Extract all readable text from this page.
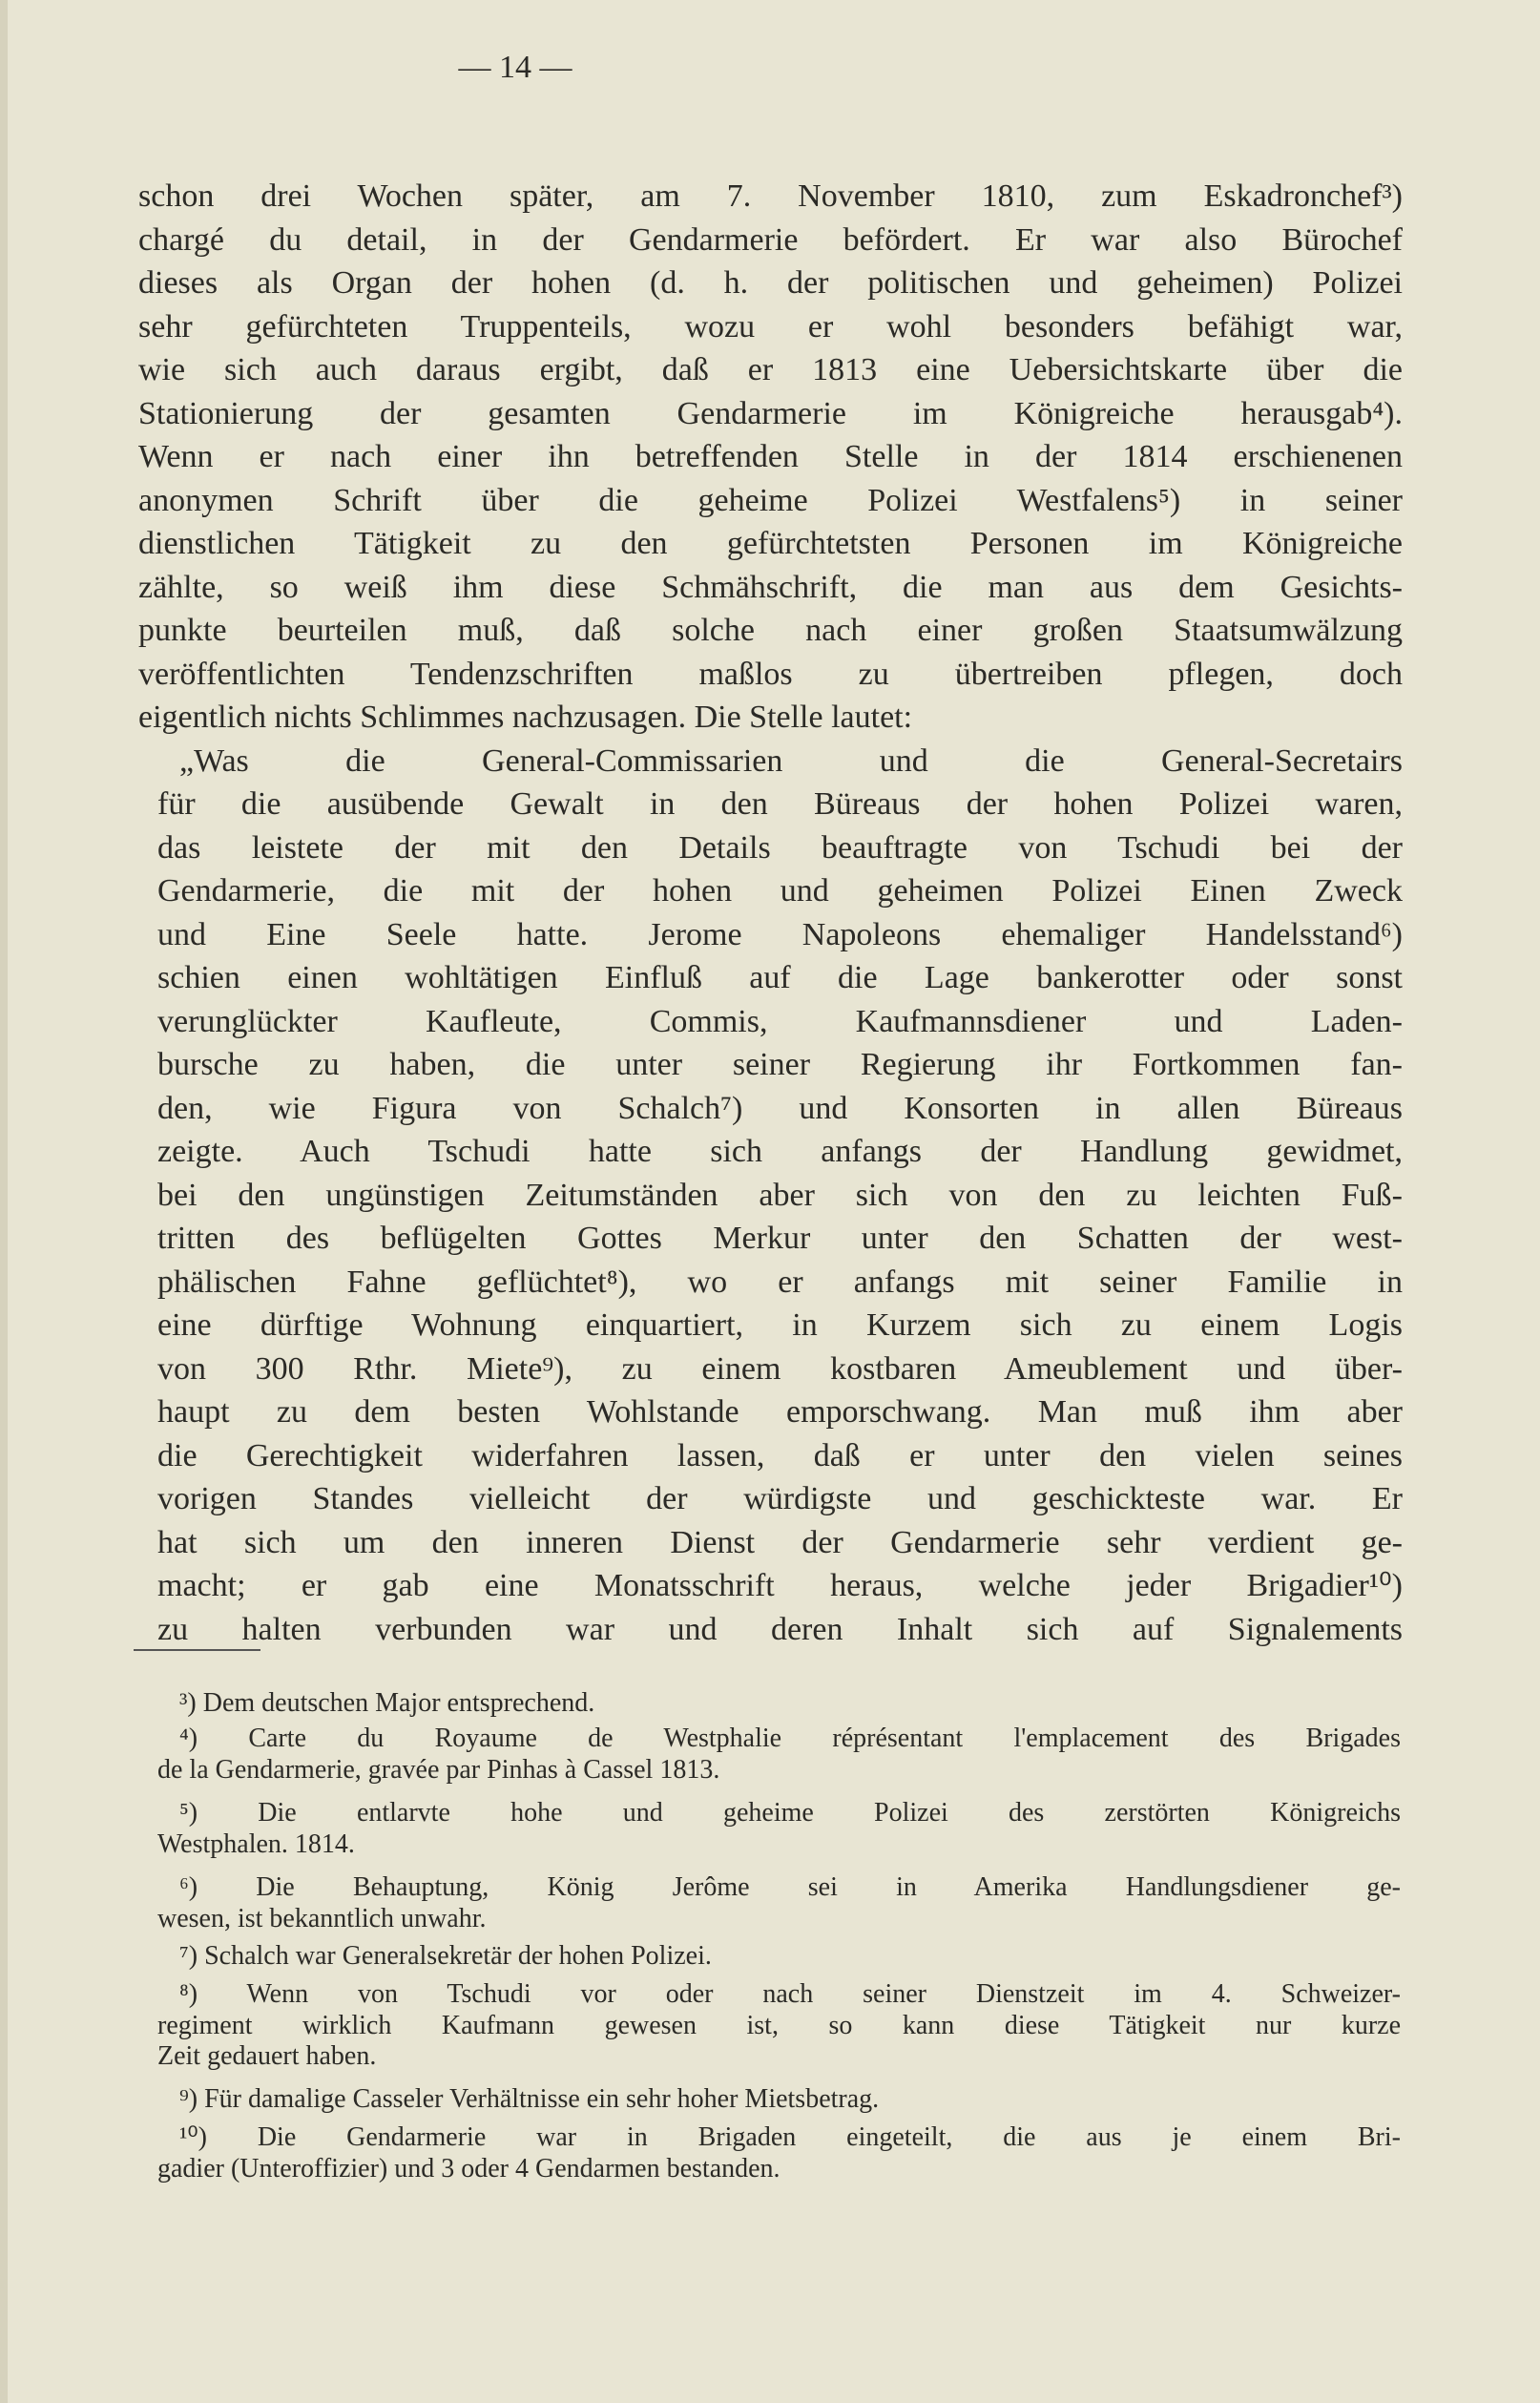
— 14 —
schon drei Wochen später, am 7. November 1810, zum Eskadronchef³)
chargé du detail, in der Gendarmerie befördert. Er war also Bürochef
dieses als Organ der hohen (d. h. der politischen und geheimen) Polizei
sehr gefürchteten Truppenteils, wozu er wohl besonders befähigt war,
wie sich auch daraus ergibt, daß er 1813 eine Uebersichtskarte über die
Stationierung der gesamten Gendarmerie im Königreiche herausgab⁴).
Wenn er nach einer ihn betreffenden Stelle in der 1814 erschienenen
anonymen Schrift über die geheime Polizei Westfalens⁵) in seiner
dienstlichen Tätigkeit zu den gefürchtetsten Personen im Königreiche
zählte, so weiß ihm diese Schmähschrift, die man aus dem Gesichts-
punkte beurteilen muß, daß solche nach einer großen Staatsumwälzung
veröffentlichten Tendenzschriften maßlos zu übertreiben pflegen, doch
eigentlich nichts Schlimmes nachzusagen. Die Stelle lautet:
„Was die General-Commissarien und die General-Secretairs
für die ausübende Gewalt in den Büreaus der hohen Polizei waren,
das leistete der mit den Details beauftragte von Tschudi bei der
Gendarmerie, die mit der hohen und geheimen Polizei Einen Zweck
und Eine Seele hatte. Jerome Napoleons ehemaliger Handelsstand⁶)
schien einen wohltätigen Einfluß auf die Lage bankerotter oder sonst
verunglückter Kaufleute, Commis, Kaufmannsdiener und Laden-
bursche zu haben, die unter seiner Regierung ihr Fortkommen fan-
den, wie Figura von Schalch⁷) und Konsorten in allen Büreaus
zeigte. Auch Tschudi hatte sich anfangs der Handlung gewidmet,
bei den ungünstigen Zeitumständen aber sich von den zu leichten Fuß-
tritten des beflügelten Gottes Merkur unter den Schatten der west-
phälischen Fahne geflüchtet⁸), wo er anfangs mit seiner Familie in
eine dürftige Wohnung einquartiert, in Kurzem sich zu einem Logis
von 300 Rthr. Miete⁹), zu einem kostbaren Ameublement und über-
haupt zu dem besten Wohlstande emporschwang. Man muß ihm aber
die Gerechtigkeit widerfahren lassen, daß er unter den vielen seines
vorigen Standes vielleicht der würdigste und geschickteste war. Er
hat sich um den inneren Dienst der Gendarmerie sehr verdient ge-
macht; er gab eine Monatsschrift heraus, welche jeder Brigadier¹⁰)
zu halten verbunden war und deren Inhalt sich auf Signalements
³) Dem deutschen Major entsprechend.
⁴) Carte du Royaume de Westphalie réprésentant l'emplacement des Brigades
de la Gendarmerie, gravée par Pinhas à Cassel 1813.
⁵) Die entlarvte hohe und geheime Polizei des zerstörten Königreichs
Westphalen. 1814.
⁶) Die Behauptung, König Jerôme sei in Amerika Handlungsdiener ge-
wesen, ist bekanntlich unwahr.
⁷) Schalch war Generalsekretär der hohen Polizei.
⁸) Wenn von Tschudi vor oder nach seiner Dienstzeit im 4. Schweizer-
regiment wirklich Kaufmann gewesen ist, so kann diese Tätigkeit nur kurze
Zeit gedauert haben.
⁹) Für damalige Casseler Verhältnisse ein sehr hoher Mietsbetrag.
¹⁰) Die Gendarmerie war in Brigaden eingeteilt, die aus je einem Bri-
gadier (Unteroffizier) und 3 oder 4 Gendarmen bestanden.
